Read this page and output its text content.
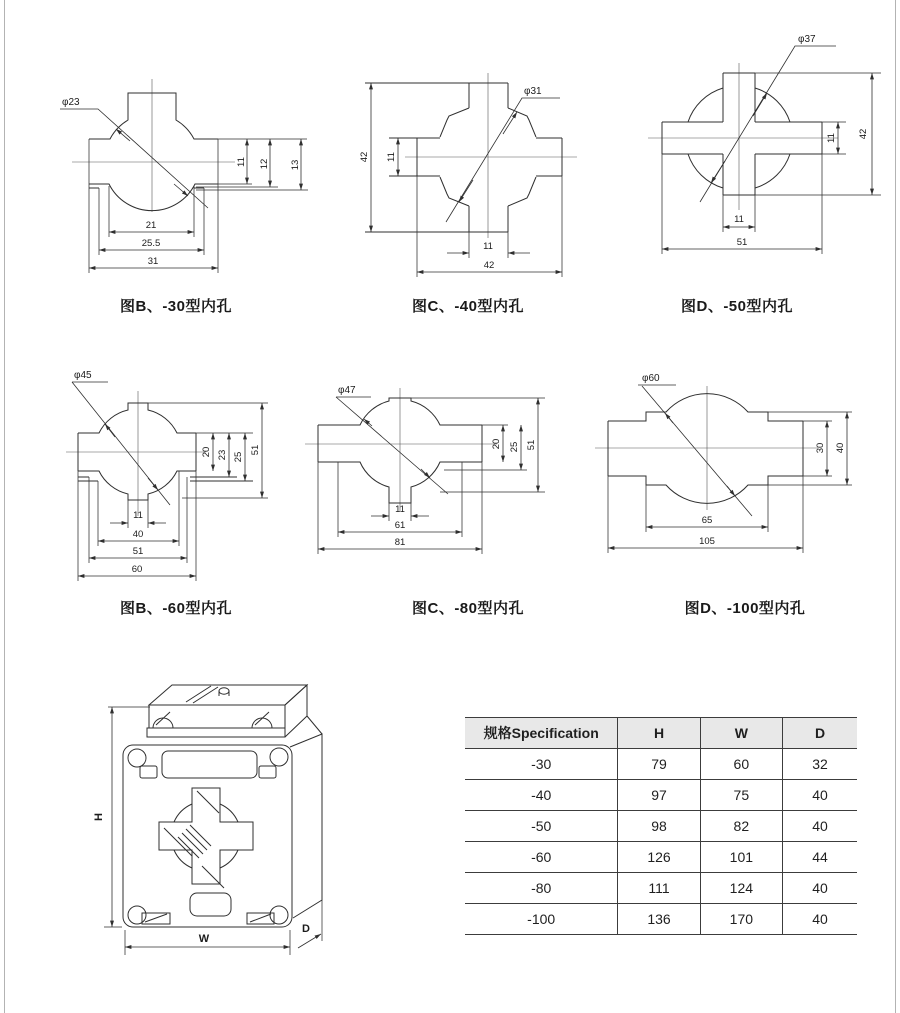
11 12 13
21
25.5
31
φ23
42 11
11
42
φ31
11 42
11
51
φ37
20 23 25
51
11
40
51
60
φ45
20 25 51
11
61
81
φ47
30 40
65
105
φ60
图B、-30型内孔	图C、-40型内孔	图D、-50型内孔
图B、-60型内孔	图C、-80型内孔	图D、-100型内孔
H
W
D
规格Specification	H	W	D
-30	79	60	32
-40	97	75	40
-50	98	82	40
-60	126	101	44
-80	111	124	40
-100	136	170	40
